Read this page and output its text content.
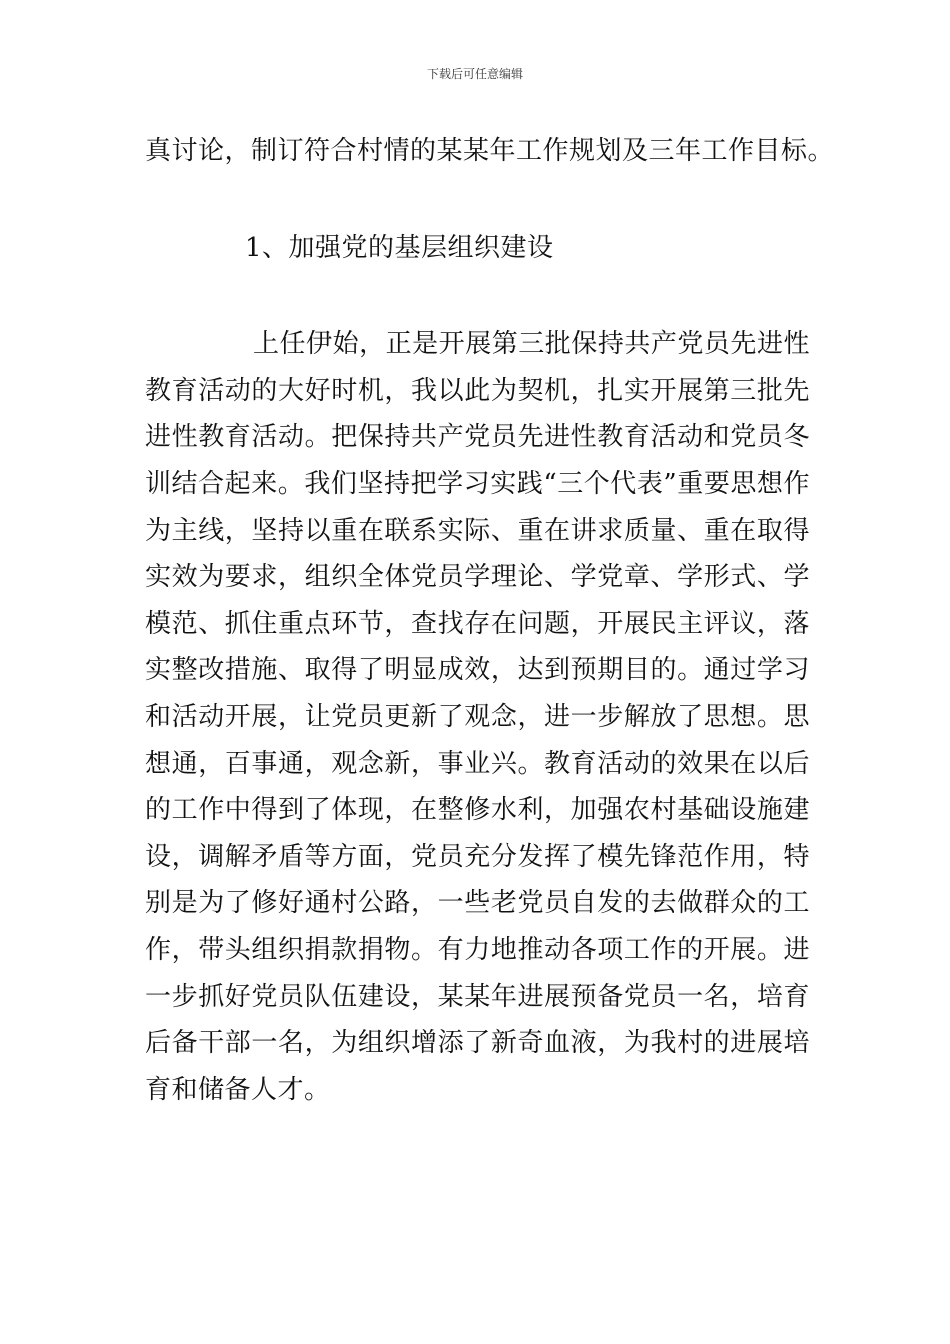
下载后可任意编辑

真讨论，制订符合村情的某某年工作规划及三年工作目标。

1、加强党的基层组织建设

上任伊始，正是开展第三批保持共产党员先进性教育活动的大好时机，我以此为契机，扎实开展第三批先进性教育活动。把保持共产党员先进性教育活动和党员冬训结合起来。我们坚持把学习实践“三个代表”重要思想作为主线，坚持以重在联系实际、重在讲求质量、重在取得实效为要求，组织全体党员学理论、学党章、学形式、学模范、抓住重点环节，查找存在问题，开展民主评议，落实整改措施、取得了明显成效，达到预期目的。通过学习和活动开展，让党员更新了观念，进一步解放了思想。思想通，百事通，观念新，事业兴。教育活动的效果在以后的工作中得到了体现，在整修水利，加强农村基础设施建设，调解矛盾等方面，党员充分发挥了模先锋范作用，特别是为了修好通村公路，一些老党员自发的去做群众的工作，带头组织捐款捐物。有力地推动各项工作的开展。进一步抓好党员队伍建设，某某年进展预备党员一名，培育后备干部一名，为组织增添了新奇血液，为我村的进展培育和储备人才。
